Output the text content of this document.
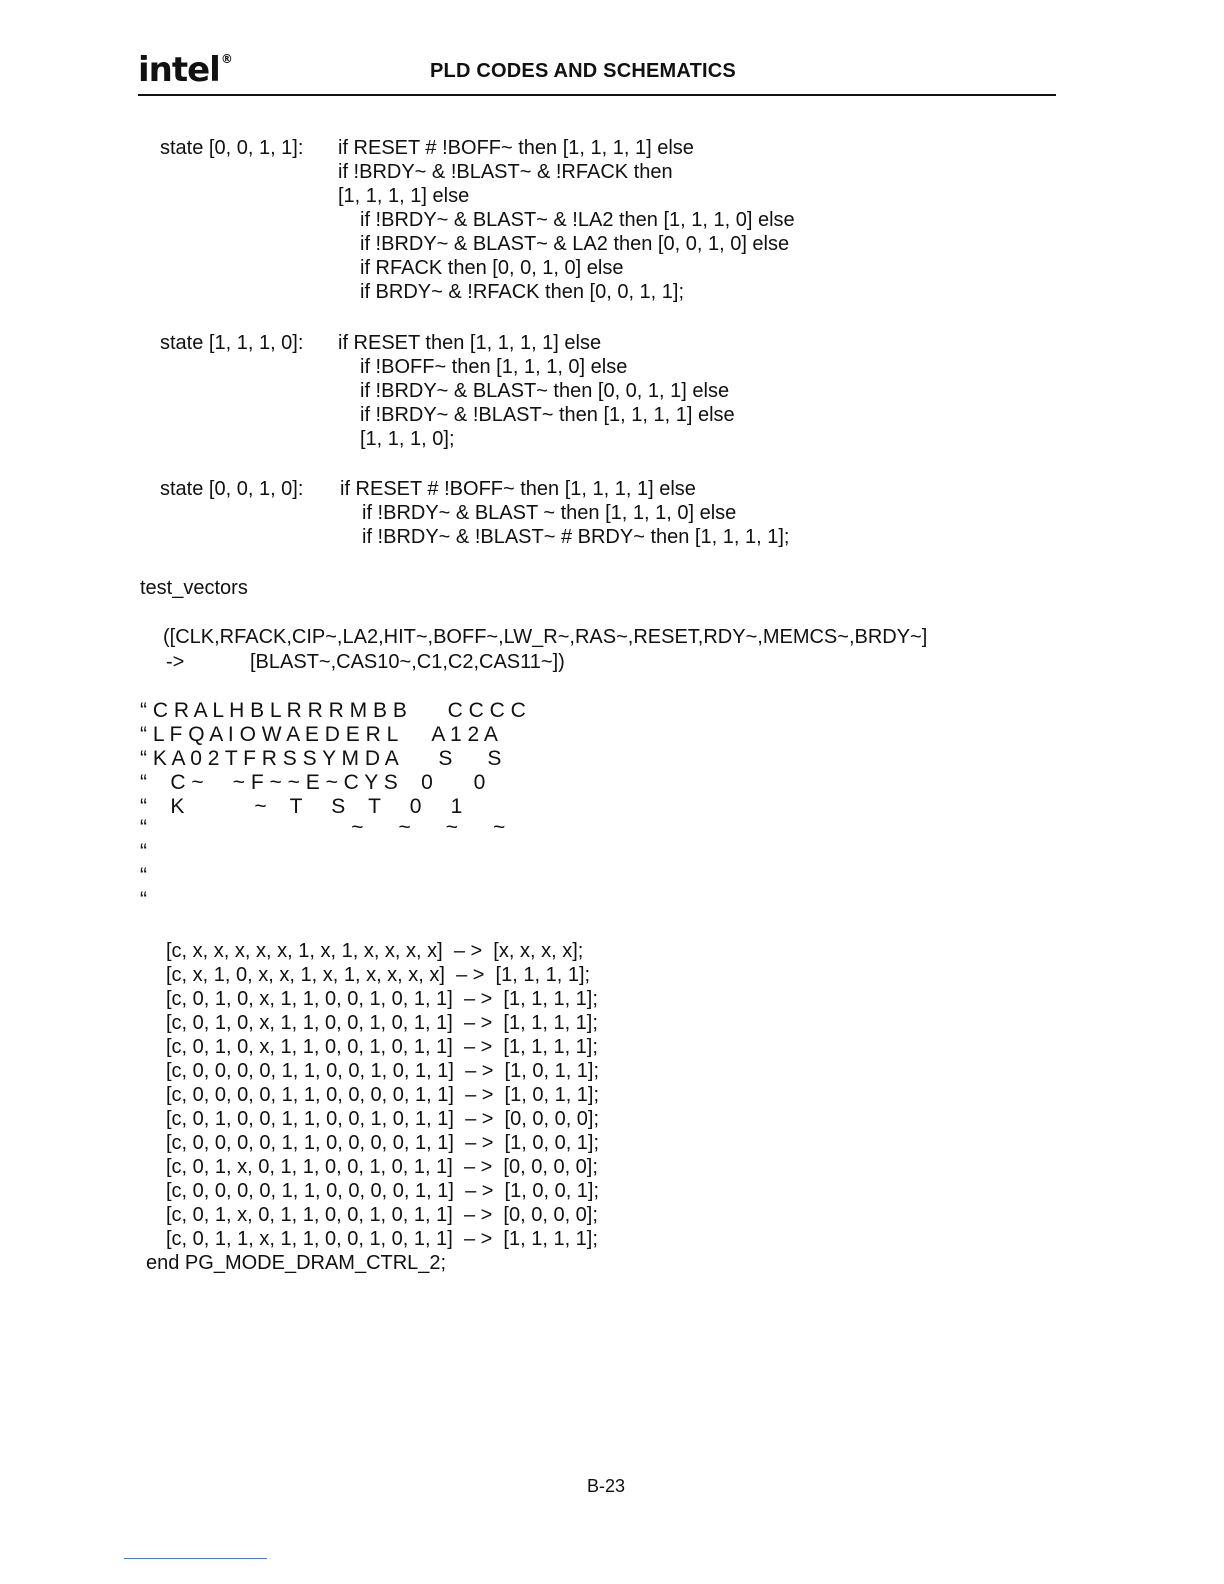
intel®
PLD CODES AND SCHEMATICS
state [0, 0, 1, 1]: if RESET # !BOFF~ then [1, 1, 1, 1] else
if !BRDY~ & !BLAST~ & !RFACK then
[1, 1, 1, 1] else
if !BRDY~ & BLAST~ & !LA2 then [1, 1, 1, 0] else
if !BRDY~ & BLAST~ & LA2 then [0, 0, 1, 0] else
if RFACK then [0, 0, 1, 0] else
if BRDY~ & !RFACK then [0, 0, 1, 1];
state [1, 1, 1, 0]: if RESET then [1, 1, 1, 1] else
if !BOFF~ then [1, 1, 1, 0] else
if !BRDY~ & BLAST~ then [0, 0, 1, 1] else
if !BRDY~ & !BLAST~ then [1, 1, 1, 1] else
[1, 1, 1, 0];
state [0, 0, 1, 0]: if RESET # !BOFF~ then [1, 1, 1, 1] else
if !BRDY~ & BLAST ~ then [1, 1, 1, 0] else
if !BRDY~ & !BLAST~ # BRDY~ then [1, 1, 1, 1];
test_vectors
([CLK,RFACK,CIP~,LA2,HIT~,BOFF~,LW_R~,RAS~,RESET,RDY~,MEMCS~,BRDY~]
->	[BLAST~,CAS10~,C1,C2,CAS11~])
“ C R A L H B L R R R M B B       C C C C
“ L F Q A I O W A E D E R L      A 1 2 A
“ K A 0 2 T F R S S Y M D A       S      S
“    C ~     ~ F ~ ~ E ~ C Y S    0       0
“    K            ~    T     S    T     0     1
“                                   ~      ~      ~      ~
“
“
“
[c, x, x, x, x, x, 1, x, 1, x, x, x, x]  – >  [x, x, x, x];
[c, x, 1, 0, x, x, 1, x, 1, x, x, x, x]  – >  [1, 1, 1, 1];
[c, 0, 1, 0, x, 1, 1, 0, 0, 1, 0, 1, 1]  – >  [1, 1, 1, 1];
[c, 0, 1, 0, x, 1, 1, 0, 0, 1, 0, 1, 1]  – >  [1, 1, 1, 1];
[c, 0, 1, 0, x, 1, 1, 0, 0, 1, 0, 1, 1]  – >  [1, 1, 1, 1];
[c, 0, 0, 0, 0, 1, 1, 0, 0, 1, 0, 1, 1]  – >  [1, 0, 1, 1];
[c, 0, 0, 0, 0, 1, 1, 0, 0, 0, 0, 1, 1]  – >  [1, 0, 1, 1];
[c, 0, 1, 0, 0, 1, 1, 0, 0, 1, 0, 1, 1]  – >  [0, 0, 0, 0];
[c, 0, 0, 0, 0, 1, 1, 0, 0, 0, 0, 1, 1]  – >  [1, 0, 0, 1];
[c, 0, 1, x, 0, 1, 1, 0, 0, 1, 0, 1, 1]  – >  [0, 0, 0, 0];
[c, 0, 0, 0, 0, 1, 1, 0, 0, 0, 0, 1, 1]  – >  [1, 0, 0, 1];
[c, 0, 1, x, 0, 1, 1, 0, 0, 1, 0, 1, 1]  – >  [0, 0, 0, 0];
[c, 0, 1, 1, x, 1, 1, 0, 0, 1, 0, 1, 1]  – >  [1, 1, 1, 1];
end PG_MODE_DRAM_CTRL_2;
B-23
